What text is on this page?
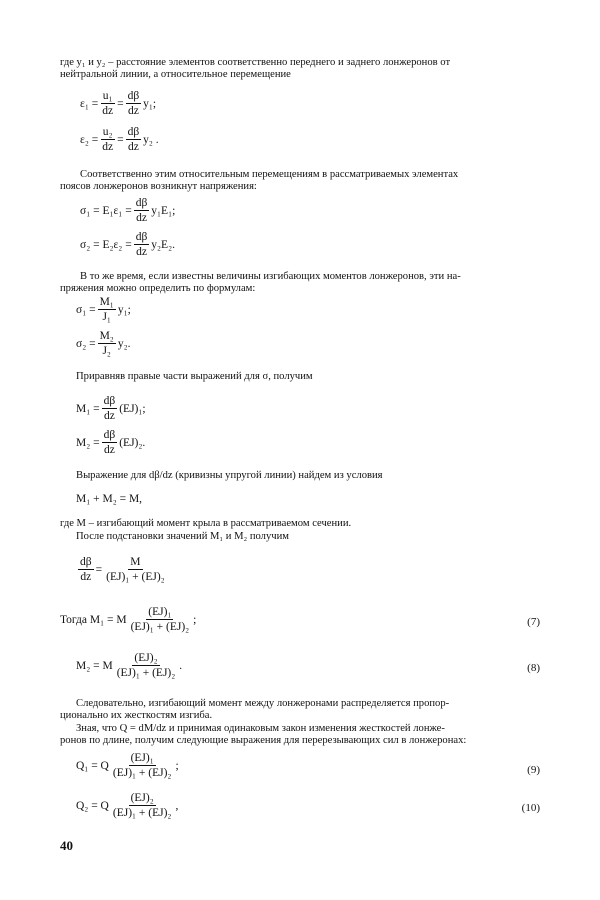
где y₁ и y₂ – расстояние элементов соответственно переднего и заднего лонжеронов от
нейтральной линии, а относительное перемещение
$\varepsilon_1 = \frac{\text{u₁}}{dz} = \frac{d\beta}{dz} y_1$;
$\varepsilon_2 = \frac{\text{u₂}}{dz} = \frac{d\beta}{dz} y_2$ .
Соответственно этим относительным перемещениям в рассматриваемых элементах
поясов лонжеронов возникнут напряжения:
$\sigma_1 = E_1\varepsilon_1 = \frac{d\beta}{dz} y_1E_1$;
$\sigma_2 = E_2\varepsilon_2 = \frac{d\beta}{dz} y_2E_2$.
В то же время, если известны величины изгибающих моментов лонжеронов, эти на-
пряжения можно определить по формулам:
$\sigma_1 = \frac{\text{M₁}}{\text{J₁}} y_1$;
$\sigma_2 = \frac{\text{M₂}}{\text{J₂}} y_2$.
Приравняв правые части выражений для σ, получим
$M_1 = \frac{d\beta}{dz} (EJ)_1$;
$M_2 = \frac{d\beta}{dz} (EJ)_2$.
Выражение для dβ/dz (кривизны упругой линии) найдем из условия
M₁ + M₂ = M,
где M – изгибающий момент крыла в рассматриваемом сечении.
После подстановки значений M₁ и M₂ получим
$\frac{d\beta}{dz} = \frac{M}{\text{(EJ)₁ + (EJ)₂}}$
Тогда M₁ = M $\frac{\text{(EJ)₁}}{\text{(EJ)₁ + (EJ)₂}}$ ;	(7)
M₂ = M $\frac{\text{(EJ)₂}}{\text{(EJ)₁ + (EJ)₂}}$ .	(8)
Следовательно, изгибающий момент между лонжеронами распределяется пропор-
ционально их жесткостям изгиба.
Зная, что Q = dM/dz и принимая одинаковым закон изменения жесткостей лонже-
ронов по длине, получим следующие выражения для перерезывающих сил в лонжеронах:
Q₁ = Q $\frac{\text{(EJ)₁}}{\text{(EJ)₁ + (EJ)₂}}$ ;	(9)
Q₂ = Q $\frac{\text{(EJ)₂}}{\text{(EJ)₁ + (EJ)₂}}$ ,	(10)
40
